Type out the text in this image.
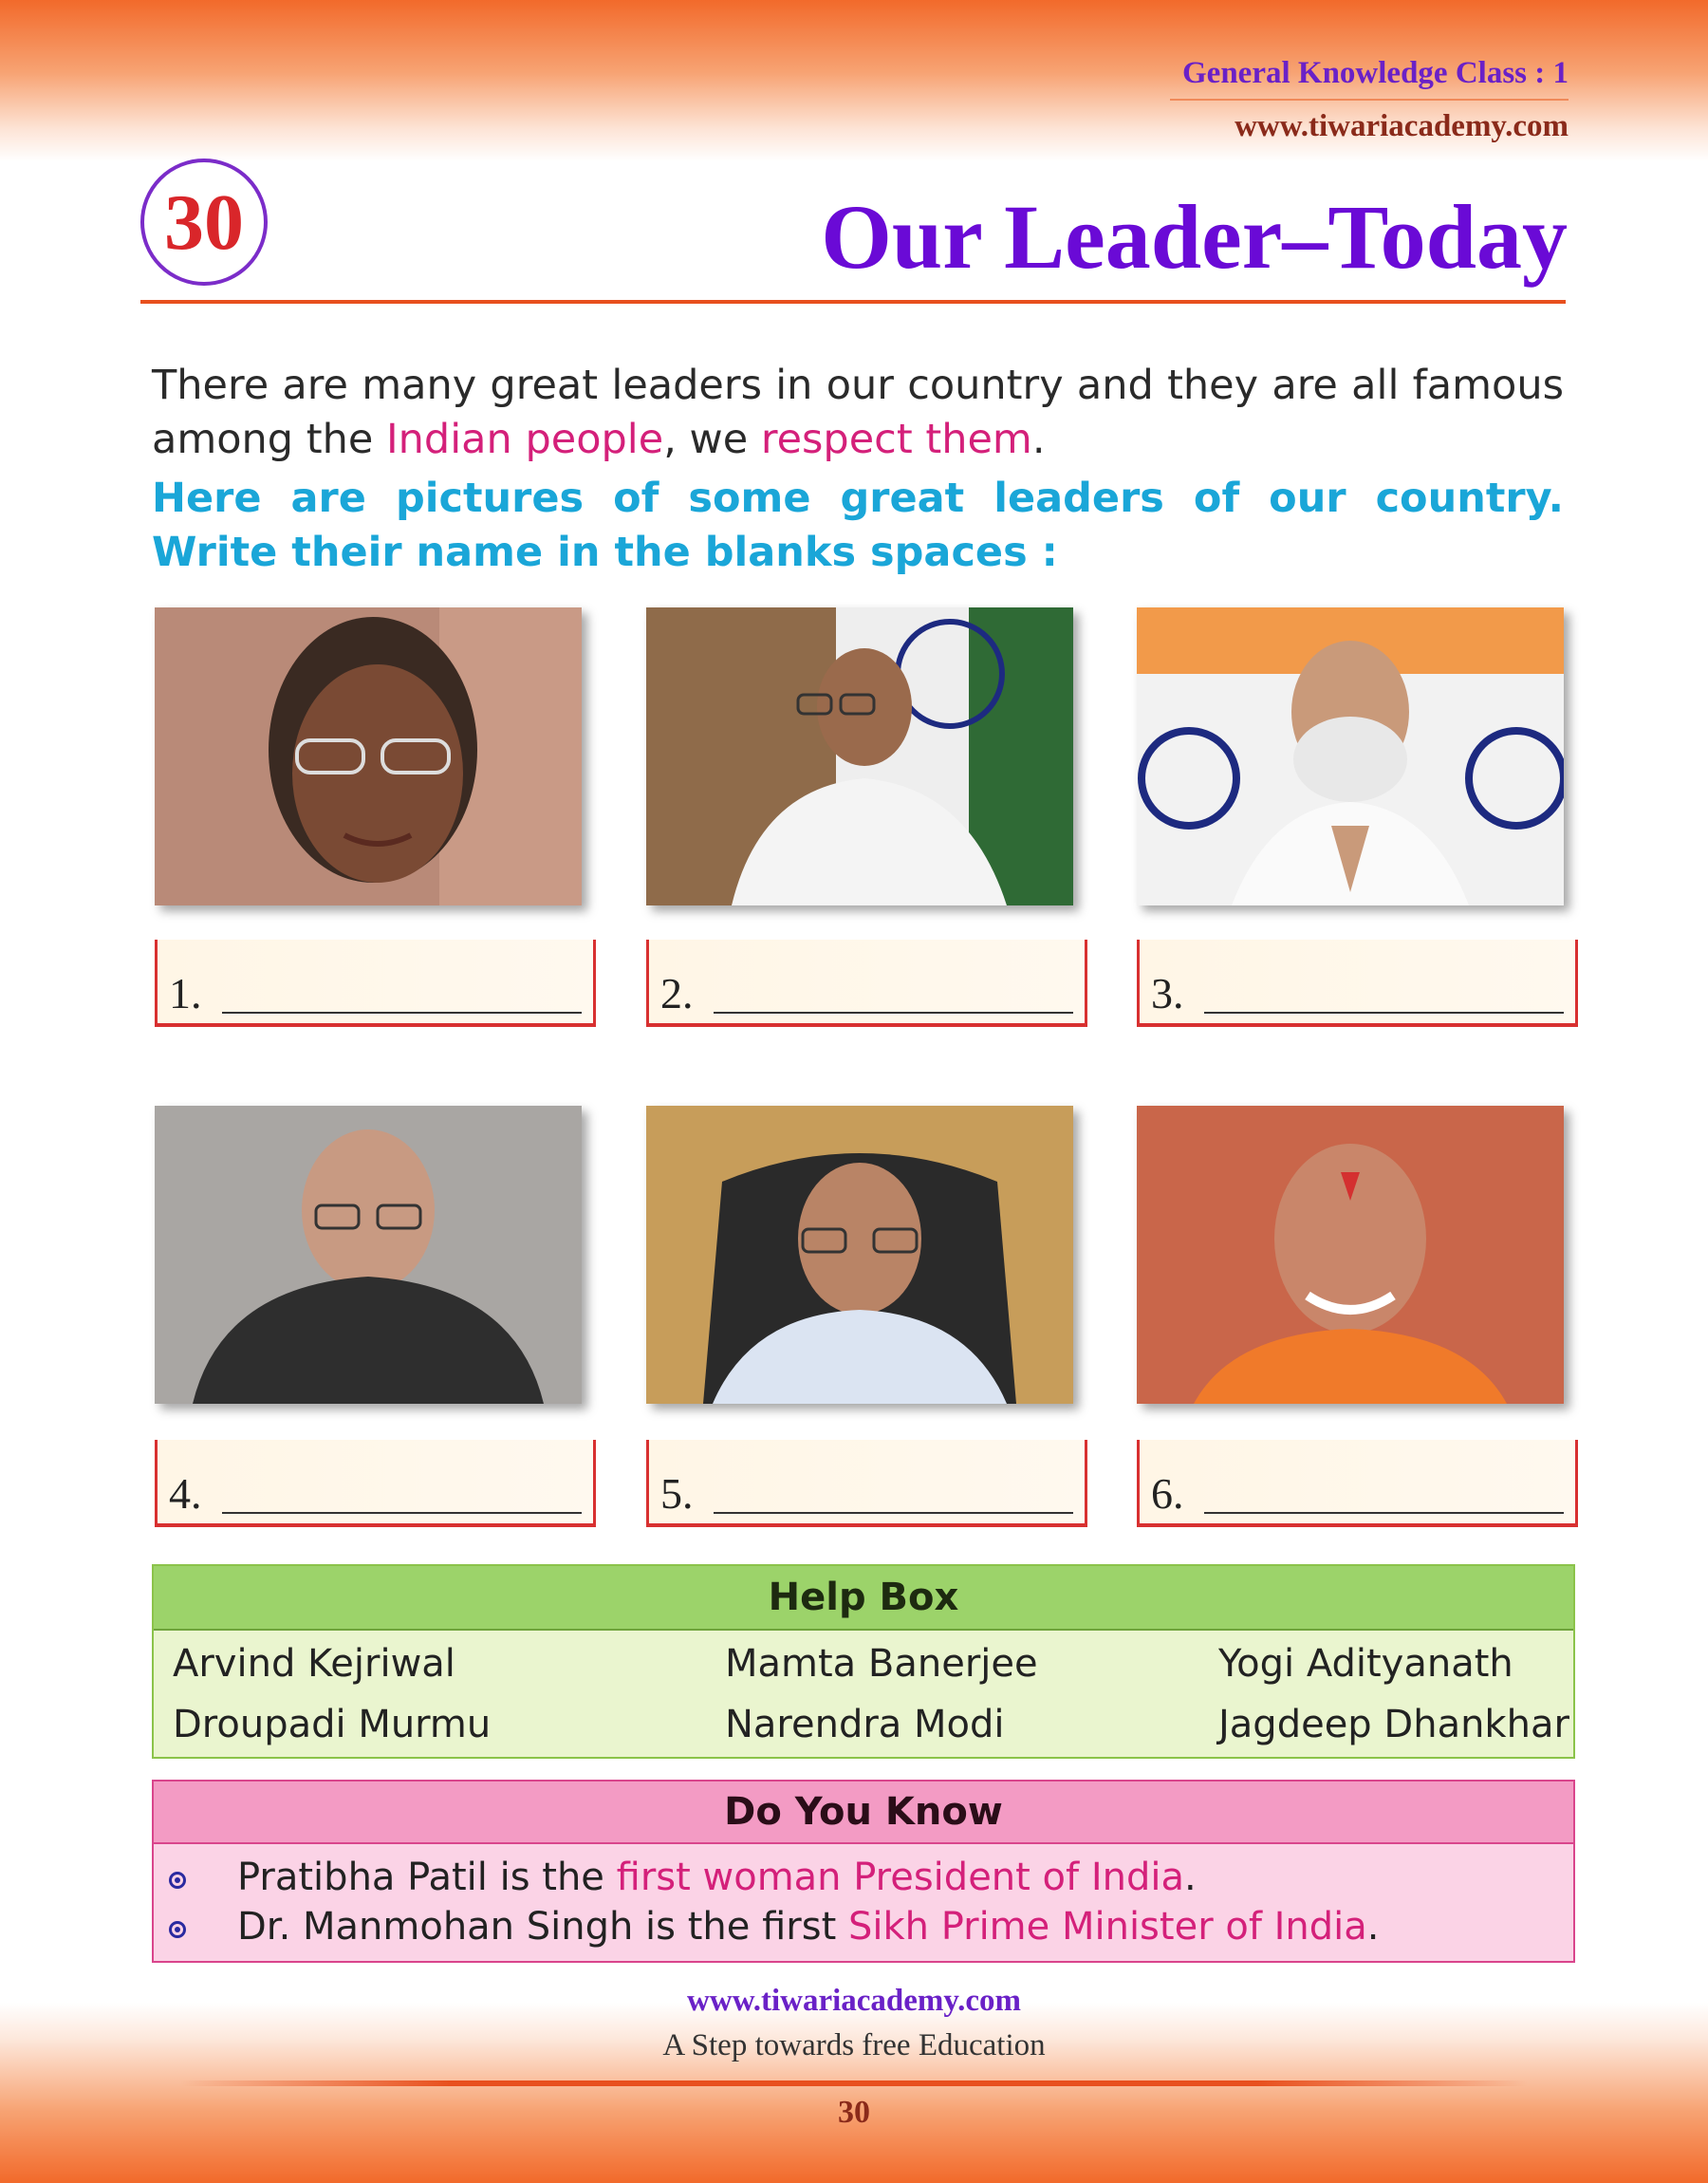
General Knowledge Class : 1
www.tiwariacademy.com
30	Our Leader–Today
There are many great leaders in our country and they are all famous among the Indian people, we respect them.
Here are pictures of some great leaders of our country. Write their name in the blanks spaces :
1.	2.	3.
4.	5.	6.
Help Box
Arvind Kejriwal	Mamta Banerjee	Yogi Adityanath
Droupadi Murmu	Narendra Modi	Jagdeep Dhankhar
Do You Know
Pratibha Patil is the first woman President of India.
Dr. Manmohan Singh is the first Sikh Prime Minister of India.
www.tiwariacademy.com
A Step towards free Education
30
